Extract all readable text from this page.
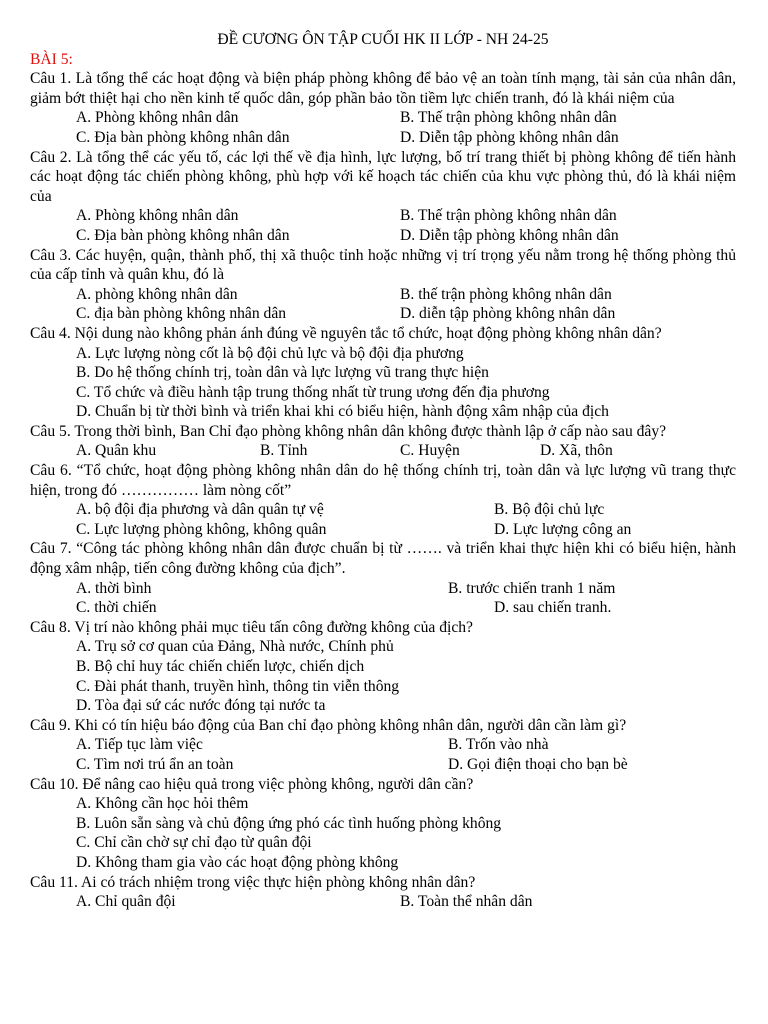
ĐỀ CƯƠNG ÔN TẬP CUỐI HK II LỚP - NH 24-25
BÀI 5:
Câu 1. Là tổng thể các hoạt động và biện pháp phòng không để bảo vệ an toàn tính mạng, tài sản của nhân dân, giảm bớt thiệt hại cho nền kinh tế quốc dân, góp phần bảo tồn tiềm lực chiến tranh, đó là khái niệm của
A. Phòng không nhân dân	B. Thế trận phòng không nhân dân
C. Địa bàn phòng không nhân dân	D. Diễn tập phòng không nhân dân
Câu 2. Là tổng thể các yếu tố, các lợi thế về địa hình, lực lượng, bố trí trang thiết bị phòng không để tiến hành các hoạt động tác chiến phòng không, phù hợp với kế hoạch tác chiến của khu vực phòng thủ, đó là khái niệm của
A. Phòng không nhân dân	B. Thế trận phòng không nhân dân
C. Địa bàn phòng không nhân dân	D. Diễn tập phòng không nhân dân
Câu 3. Các huyện, quận, thành phố, thị xã thuộc tỉnh hoặc những vị trí trọng yếu nằm trong hệ thống phòng thủ của cấp tỉnh và quân khu, đó là
A. phòng không nhân dân	B. thế trận phòng không nhân dân
C. địa bàn phòng không nhân dân	D. diễn tập phòng không nhân dân
Câu 4. Nội dung nào không phản ánh đúng về nguyên tắc tổ chức, hoạt động phòng không nhân dân?
A. Lực lượng nòng cốt là bộ đội chủ lực và bộ đội địa phương
B. Do hệ thống chính trị, toàn dân và lực lượng vũ trang thực hiện
C. Tổ chức và điều hành tập trung thống nhất từ trung ương đến địa phương
D. Chuẩn bị từ thời bình và triển khai khi có biểu hiện, hành động xâm nhập của địch
Câu 5. Trong thời bình, Ban Chỉ đạo phòng không nhân dân không được thành lập ở cấp nào sau đây?
A. Quân khu	B. Tỉnh	C. Huyện	D. Xã, thôn
Câu 6. “Tổ chức, hoạt động phòng không nhân dân do hệ thống chính trị, toàn dân và lực lượng vũ trang thực hiện, trong đó …………… làm nòng cốt”
A. bộ đội địa phương và dân quân tự vệ	B. Bộ đội chủ lực
C. Lực lượng phòng không, không quân	D. Lực lượng công an
Câu 7. “Công tác phòng không nhân dân được chuẩn bị từ ……. và triển khai thực hiện khi có biểu hiện, hành động xâm nhập, tiến công đường không của địch”.
A. thời bình	B. trước chiến tranh 1 năm
C. thời chiến	D. sau chiến tranh.
Câu 8. Vị trí nào không phải mục tiêu tấn công đường không của địch?
A. Trụ sở cơ quan của Đảng, Nhà nước, Chính phủ
B. Bộ chỉ huy tác chiến chiến lược, chiến dịch
C. Đài phát thanh, truyền hình, thông tin viễn thông
D. Tòa đại sứ các nước đóng tại nước ta
Câu 9. Khi có tín hiệu báo động của Ban chỉ đạo phòng không nhân dân, người dân cần làm gì?
A. Tiếp tục làm việc	B. Trốn vào nhà
C. Tìm nơi trú ẩn an toàn	D. Gọi điện thoại cho bạn bè
Câu 10. Để nâng cao hiệu quả trong việc phòng không, người dân cần?
A. Không cần học hỏi thêm
B. Luôn sẵn sàng và chủ động ứng phó các tình huống phòng không
C. Chỉ cần chờ sự chỉ đạo từ quân đội
D. Không tham gia vào các hoạt động phòng không
Câu 11. Ai có trách nhiệm trong việc thực hiện phòng không nhân dân?
A. Chỉ quân đội	B. Toàn thể nhân dân
